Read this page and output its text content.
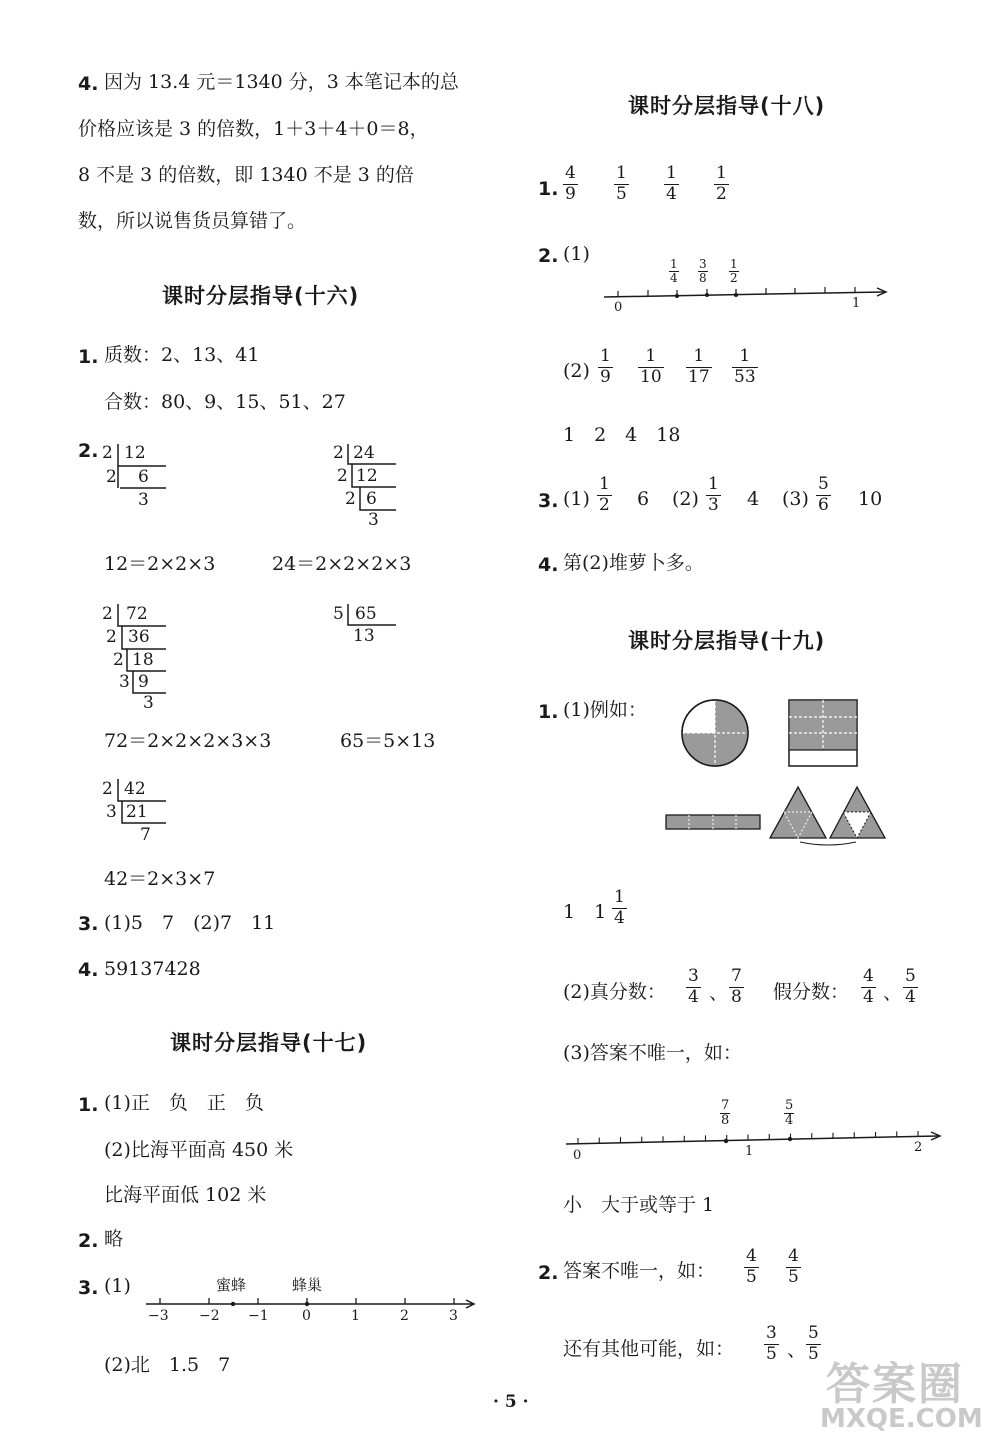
4. 因为 13.4 元＝1340 分，3 本笔记本的总
价格应该是 3 的倍数，1＋3＋4＋0＝8，
8 不是 3 的倍数，即 1340 不是 3 的倍
数，所以说售货员算错了。
课时分层指导(十六)
1. 质数：2、13、41
合数：80、9、15、51、27
2. 2 12
2 6
3
2 24
2 12
2 6
3
12＝2×2×3	24＝2×2×2×3
2 72
2 36
2 18
3 9
3
5 65
13
72＝2×2×2×3×3	65＝5×13
2 42
3 21
7
42＝2×3×7
3. (1)5　7　(2)7　11
4. 59137428
课时分层指导(十七)
1. (1)正　负　正　负
(2)比海平面高 450 米
比海平面低 102 米
2. 略
3. (1)	蜜蜂	蜂巢
−3 −2 −1 0	1	2	3
(2)北　1.5　7
课时分层指导(十八)
1. $\frac{4}{9} \frac{1}{5} \frac{1}{4} \frac{1}{2}$
2. (1)	1
4
3
8
1
2
0	1
$(2) \frac{1}{9} \frac{1}{10} \frac{1}{17} \frac{1}{53}$
1　2　4　18
3. $(1) \frac{1}{2} 6$ $(2) \frac{1}{3} 4$ $(3) \frac{5}{6} 10$
4. 第(2)堆萝卜多。
课时分层指导(十九)
1. (1)例如：
1　$1 \frac{1}{4}$
(2)真分数： $\frac{3}{4}$ 、 $\frac{7}{8}$ 假分数： $\frac{4}{4}$ 、 $\frac{5}{4}$
(3)答案不唯一，如：
7
8
5
4
0	1	2
小　大于或等于 1
2. 答案不唯一，如： $\frac{4}{5} \frac{4}{5}$
还有其他可能，如： $\frac{3}{5}$ 、 $\frac{5}{5}$
· 5 ·	答案圈
MXQE.COM
